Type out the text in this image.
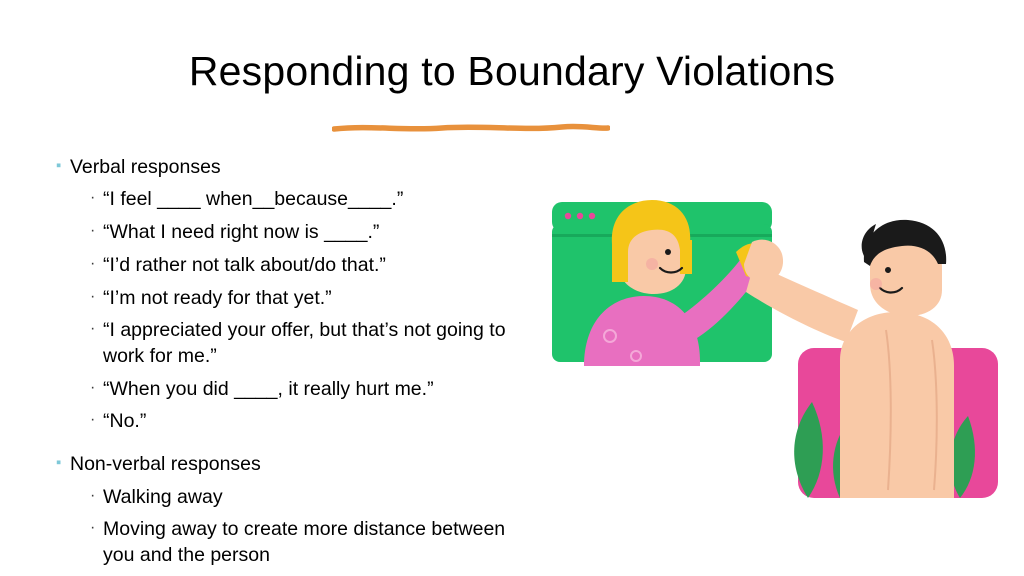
Responding to Boundary Violations
▪ Verbal responses
· “I feel ____ when__because____.”
· “What I need right now is ____.”
· “I’d rather not talk about/do that.”
· “I’m not ready for that yet.”
· “I appreciated your offer, but that’s not going to work for me.”
· “When you did ____, it really hurt me.”
· “No.”
▪ Non-verbal responses
· Walking away
· Moving away to create more distance between you and the person
